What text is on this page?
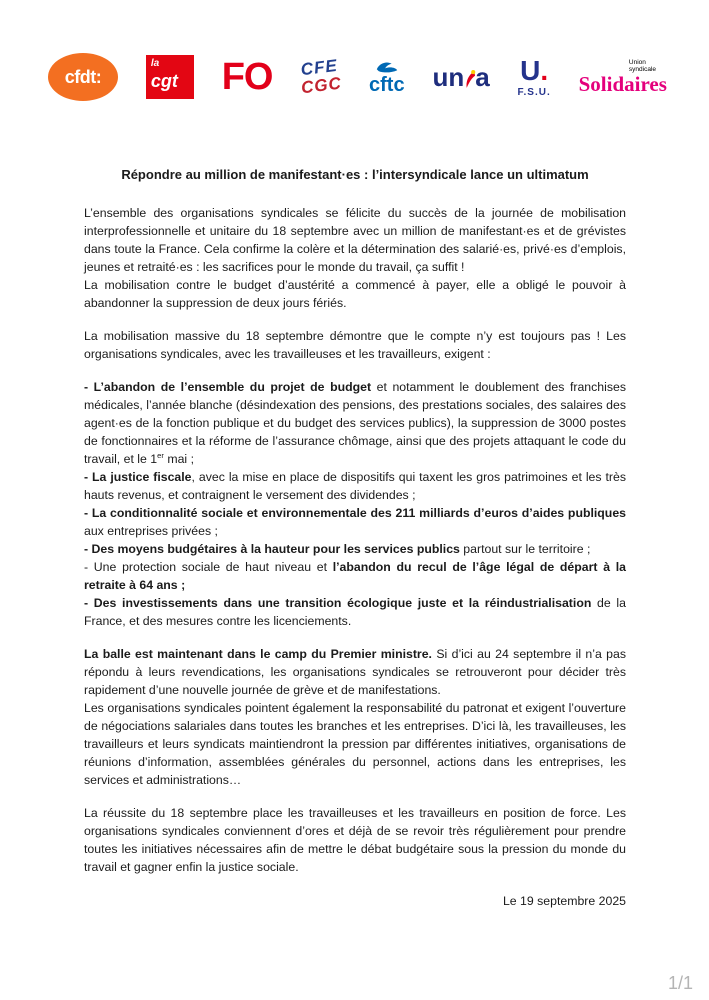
cfdt:
la
cgt FO CFE
CGC cftc un a U.
F.S.U.
Union syndicale
Solidaires
Répondre au million de manifestant·es : l’intersyndicale lance un ultimatum

L’ensemble des organisations syndicales se félicite du succès de la journée de mobilisation interprofessionnelle et unitaire du 18 septembre avec un million de manifestant·es et de grévistes dans toute la France. Cela confirme la colère et la détermination des salarié·es, privé·es d’emplois, jeunes et retraité·es : les sacrifices pour le monde du travail, ça suffit !

La mobilisation contre le budget d’austérité a commencé à payer, elle a obligé le pouvoir à abandonner la suppression de deux jours fériés.

La mobilisation massive du 18 septembre démontre que le compte n’y est toujours pas ! Les organisations syndicales, avec les travailleuses et les travailleurs, exigent :

- L’abandon de l’ensemble du projet de budget et notamment le doublement des franchises médicales, l’année blanche (désindexation des pensions, des prestations sociales, des salaires des agent·es de la fonction publique et du budget des services publics), la suppression de 3000 postes de fonctionnaires et la réforme de l’assurance chômage, ainsi que des projets attaquant le code du travail, et le 1er mai ;

- La justice fiscale, avec la mise en place de dispositifs qui taxent les gros patrimoines et les très hauts revenus, et contraignent le versement des dividendes ;

- La conditionnalité sociale et environnementale des 211 milliards d’euros d’aides publiques aux entreprises privées ;

- Des moyens budgétaires à la hauteur pour les services publics partout sur le territoire ;

- Une protection sociale de haut niveau et l’abandon du recul de l’âge légal de départ à la retraite à 64 ans ;

- Des investissements dans une transition écologique juste et la réindustrialisation de la France, et des mesures contre les licenciements.

La balle est maintenant dans le camp du Premier ministre. Si d’ici au 24 septembre il n’a pas répondu à leurs revendications, les organisations syndicales se retrouveront pour décider très rapidement d’une nouvelle journée de grève et de manifestations.

Les organisations syndicales pointent également la responsabilité du patronat et exigent l’ouverture de négociations salariales dans toutes les branches et les entreprises. D’ici là, les travailleuses, les travailleurs et leurs syndicats maintiendront la pression par différentes initiatives, organisations de réunions d’information, assemblées générales du personnel, actions dans les entreprises, les services et administrations…

La réussite du 18 septembre place les travailleuses et les travailleurs en position de force. Les organisations syndicales conviennent d’ores et déjà de se revoir très régulièrement pour prendre toutes les initiatives nécessaires afin de mettre le débat budgétaire sous la pression du monde du travail et gagner enfin la justice sociale.

Le 19 septembre 2025
1/1
